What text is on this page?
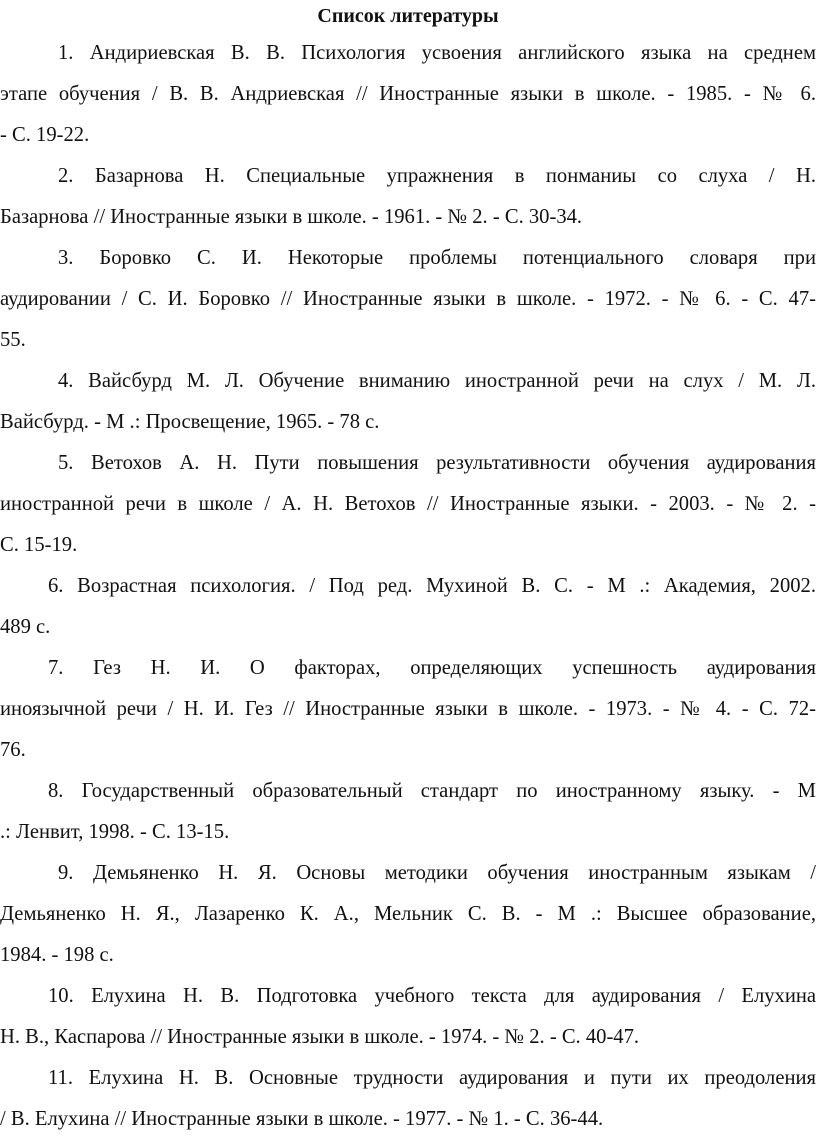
Список литературы
1. Андириевская В. В. Психология усвоения английского языка на среднем
этапе обучения / В. В. Андриевская // Иностранные языки в школе. - 1985. - № 6.
- С. 19-22.
2. Базарнова Н. Специальные упражнения в понманиы со слуха / Н.
Базарнова // Иностранные языки в школе. - 1961. - № 2. - С. 30-34.
3. Боровко С. И. Некоторые проблемы потенциального словаря при
аудировании / С. И. Боровко // Иностранные языки в школе. - 1972. - № 6. - С. 47-
55.
4. Вайсбурд М. Л. Обучение вниманию иностранной речи на слух / М. Л.
Вайсбурд. - М .: Просвещение, 1965. - 78 с.
5. Ветохов А. Н. Пути повышения результативности обучения аудирования
иностранной речи в школе / А. Н. Ветохов // Иностранные языки. - 2003. - № 2. -
С. 15-19.
6. Возрастная психология. / Под ред. Мухиной В. С. - М .: Академия, 2002.
489 с.
7. Гез Н. И. О факторах, определяющих успешность аудирования
иноязычной речи / Н. И. Гез // Иностранные языки в школе. - 1973. - № 4. - С. 72-
76.
8. Государственный образовательный стандарт по иностранному языку. - М
.: Ленвит, 1998. - С. 13-15.
9. Демьяненко Н. Я. Основы методики обучения иностранным языкам /
Демьяненко Н. Я., Лазаренко К. А., Мельник С. В. - М .: Высшее образование,
1984. - 198 с.
10. Елухина Н. В. Подготовка учебного текста для аудирования / Елухина
Н. В., Каспарова // Иностранные языки в школе. - 1974. - № 2. - С. 40-47.
11. Елухина Н. В. Основные трудности аудирования и пути их преодоления
/ В. Елухина // Иностранные языки в школе. - 1977. - № 1. - С. 36-44.
